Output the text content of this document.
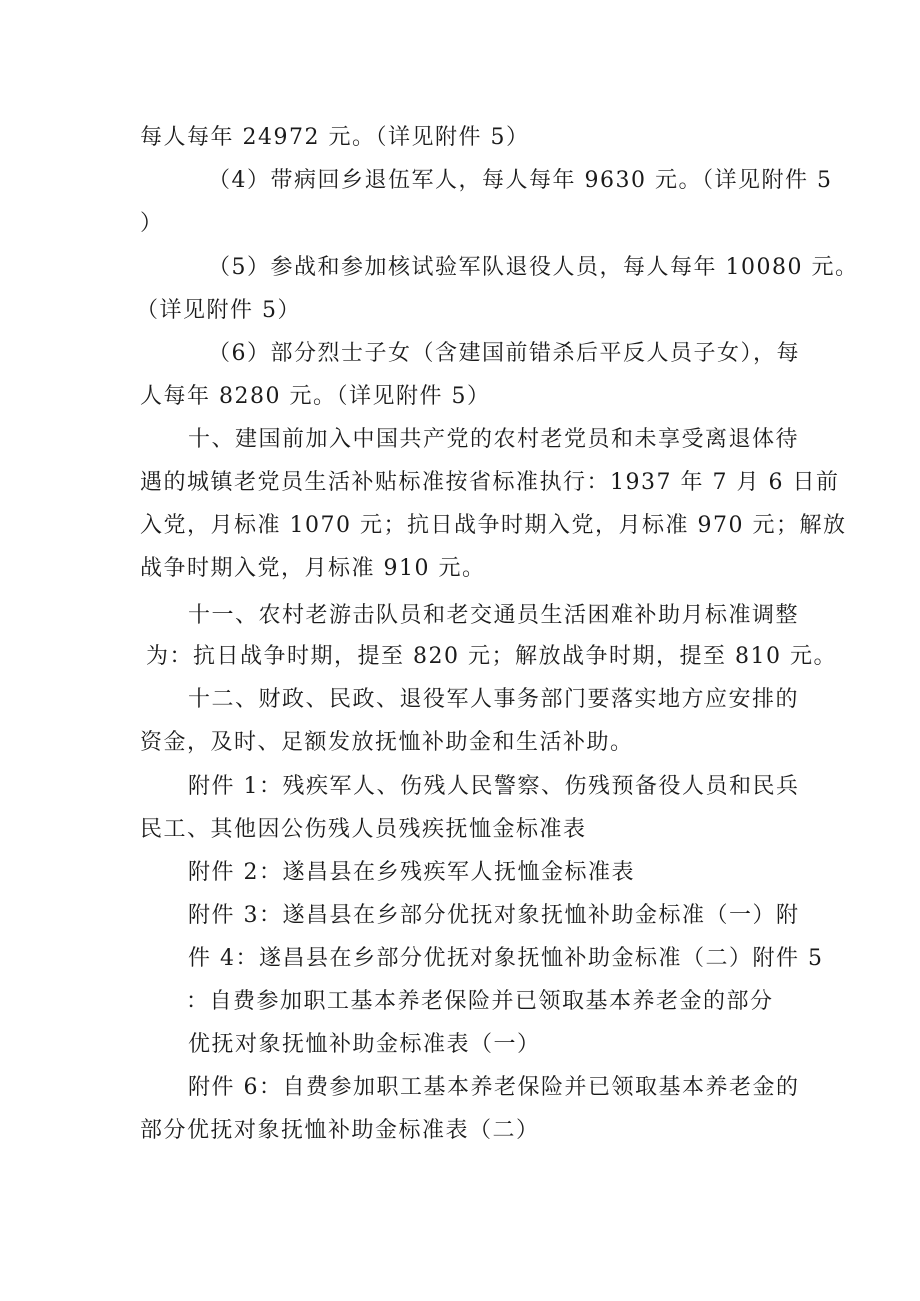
每人每年 24972 元。（详见附件 5）
（4）带病回乡退伍军人，每人每年 9630 元。（详见附件 5
）
（5）参战和参加核试验军队退役人员，每人每年 10080 元。
（详见附件 5）
（6）部分烈士子女（含建国前错杀后平反人员子女），每
人每年 8280 元。（详见附件 5）
十、建国前加入中国共产党的农村老党员和未享受离退体待
遇的城镇老党员生活补贴标准按省标准执行：1937 年 7 月 6 日前
入党，月标准 1070 元；抗日战争时期入党，月标准 970 元；解放
战争时期入党，月标准 910 元。
十一、农村老游击队员和老交通员生活困难补助月标准调整
为：抗日战争时期，提至 820 元；解放战争时期，提至 810 元。
十二、财政、民政、退役军人事务部门要落实地方应安排的
资金，及时、足额发放抚恤补助金和生活补助。
附件 1：残疾军人、伤残人民警察、伤残预备役人员和民兵
民工、其他因公伤残人员残疾抚恤金标准表
附件 2：遂昌县在乡残疾军人抚恤金标准表
附件 3：遂昌县在乡部分优抚对象抚恤补助金标准（一）附
件 4：遂昌县在乡部分优抚对象抚恤补助金标准（二）附件 5
：自费参加职工基本养老保险并已领取基本养老金的部分
优抚对象抚恤补助金标准表（一）
附件 6：自费参加职工基本养老保险并已领取基本养老金的
部分优抚对象抚恤补助金标准表（二）
